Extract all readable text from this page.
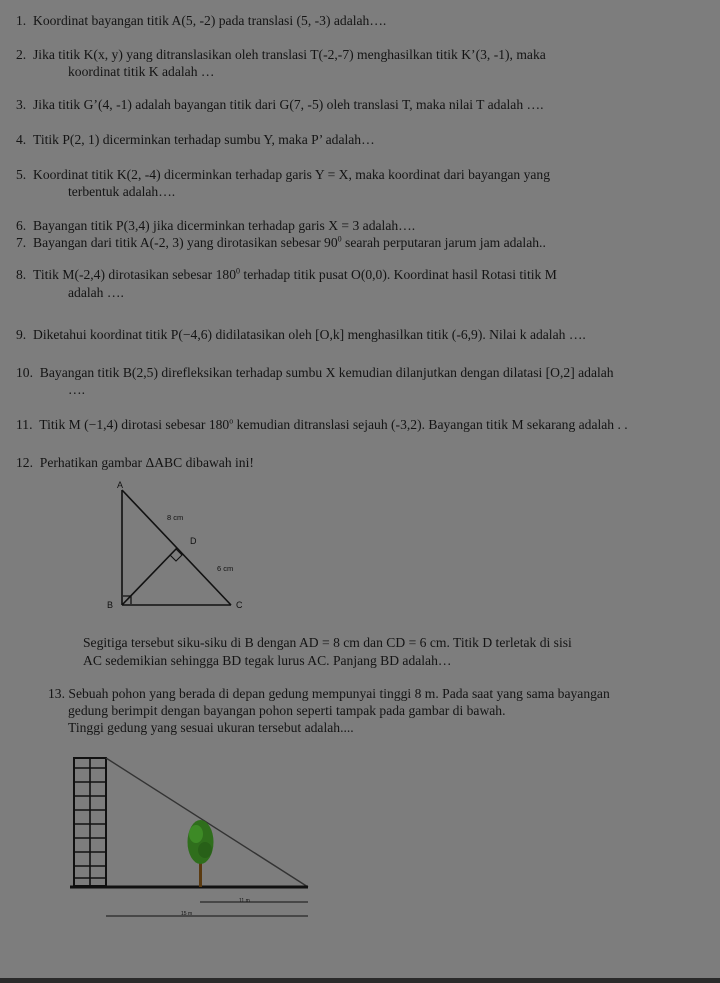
1. Koordinat bayangan titik A(5, -2) pada translasi (5, -3) adalah….
2. Jika titik K(x, y) yang ditranslasikan oleh translasi T(-2,-7) menghasilkan titik K’(3, -1), maka
koordinat titik K adalah …
3. Jika titik G’(4, -1) adalah bayangan titik dari G(7, -5) oleh translasi T, maka nilai T adalah ….
4. Titik P(2, 1) dicerminkan terhadap sumbu Y, maka P’ adalah…
5. Koordinat titik K(2, -4) dicerminkan terhadap garis Y = X, maka koordinat dari bayangan yang
terbentuk adalah….
6. Bayangan titik P(3,4) jika dicerminkan terhadap garis X = 3 adalah….
7. Bayangan dari titik A(-2, 3) yang dirotasikan sebesar $90^0$ searah perputaran jarum jam adalah..
8. Titik M(-2,4) dirotasikan sebesar $180^0$ terhadap titik pusat O(0,0). Koordinat hasil Rotasi titik M
adalah ….
9. Diketahui koordinat titik P(−4,6) didilatasikan oleh [O,k] menghasilkan titik (-6,9). Nilai k adalah ….
10. Bayangan titik B(2,5) direfleksikan terhadap sumbu X kemudian dilanjutkan dengan dilatasi [O,2] adalah
….
11. Titik M (−1,4) dirotasi sebesar 180$^o$ kemudian ditranslasi sejauh (-3,2). Bayangan titik M sekarang adalah . .
12. Perhatikan gambar ΔABC dibawah ini!
A
B	C
D
8 cm
6 cm
Segitiga tersebut siku-siku di B dengan AD = 8 cm dan CD = 6 cm. Titik D terletak di sisi
AC sedemikian sehingga BD tegak lurus AC. Panjang BD adalah…
13. Sebuah pohon yang berada di depan gedung mempunyai tinggi 8 m. Pada saat yang sama bayangan
gedung berimpit dengan bayangan pohon seperti tampak pada gambar di bawah.
Tinggi gedung yang sesuai ukuran tersebut adalah....
11 m
15 m
